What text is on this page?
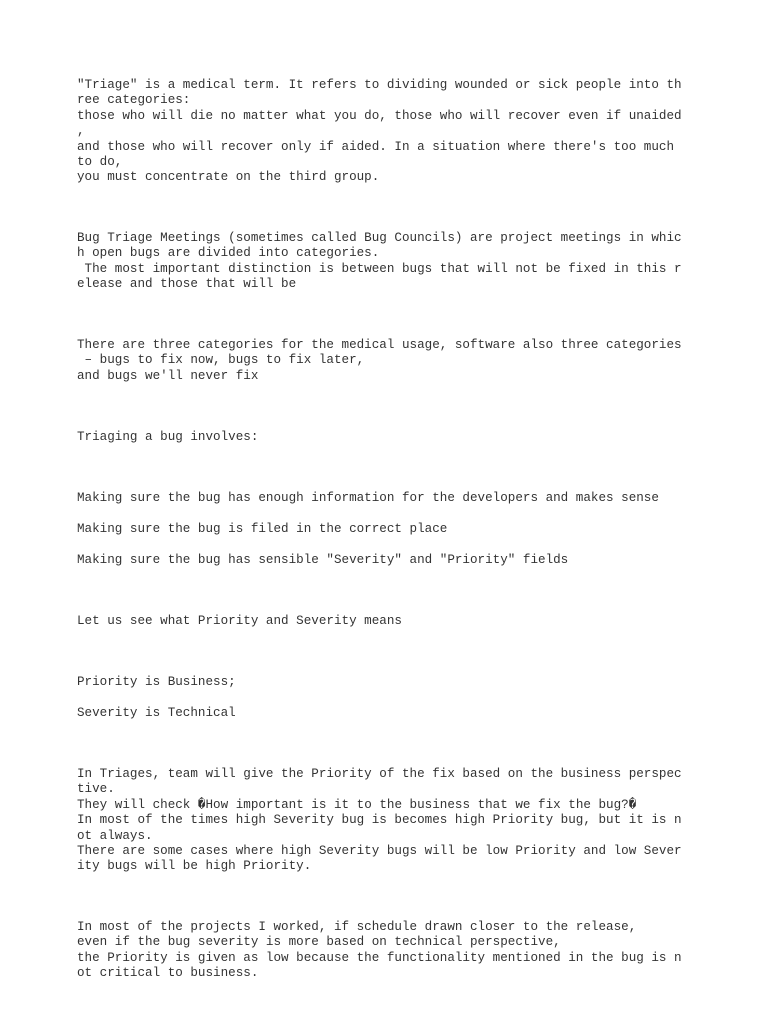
"Triage" is a medical term. It refers to dividing wounded or sick people into th
ree categories:
those who will die no matter what you do, those who will recover even if unaided
,
and those who will recover only if aided. In a situation where there's too much
to do,
you must concentrate on the third group.

Bug Triage Meetings (sometimes called Bug Councils) are project meetings in whic
h open bugs are divided into categories.
The most important distinction is between bugs that will not be fixed in this r
elease and those that will be

There are three categories for the medical usage, software also three categories
– bugs to fix now, bugs to fix later,
and bugs we'll never fix

Triaging a bug involves:

Making sure the bug has enough information for the developers and makes sense

Making sure the bug is filed in the correct place

Making sure the bug has sensible "Severity" and "Priority" fields

Let us see what Priority and Severity means

Priority is Business;

Severity is Technical

In Triages, team will give the Priority of the fix based on the business perspec
tive.
They will check �How important is it to the business that we fix the bug?�
In most of the times high Severity bug is becomes high Priority bug, but it is n
ot always.
There are some cases where high Severity bugs will be low Priority and low Sever
ity bugs will be high Priority.

In most of the projects I worked, if schedule drawn closer to the release,
even if the bug severity is more based on technical perspective,
the Priority is given as low because the functionality mentioned in the bug is n
ot critical to business.
